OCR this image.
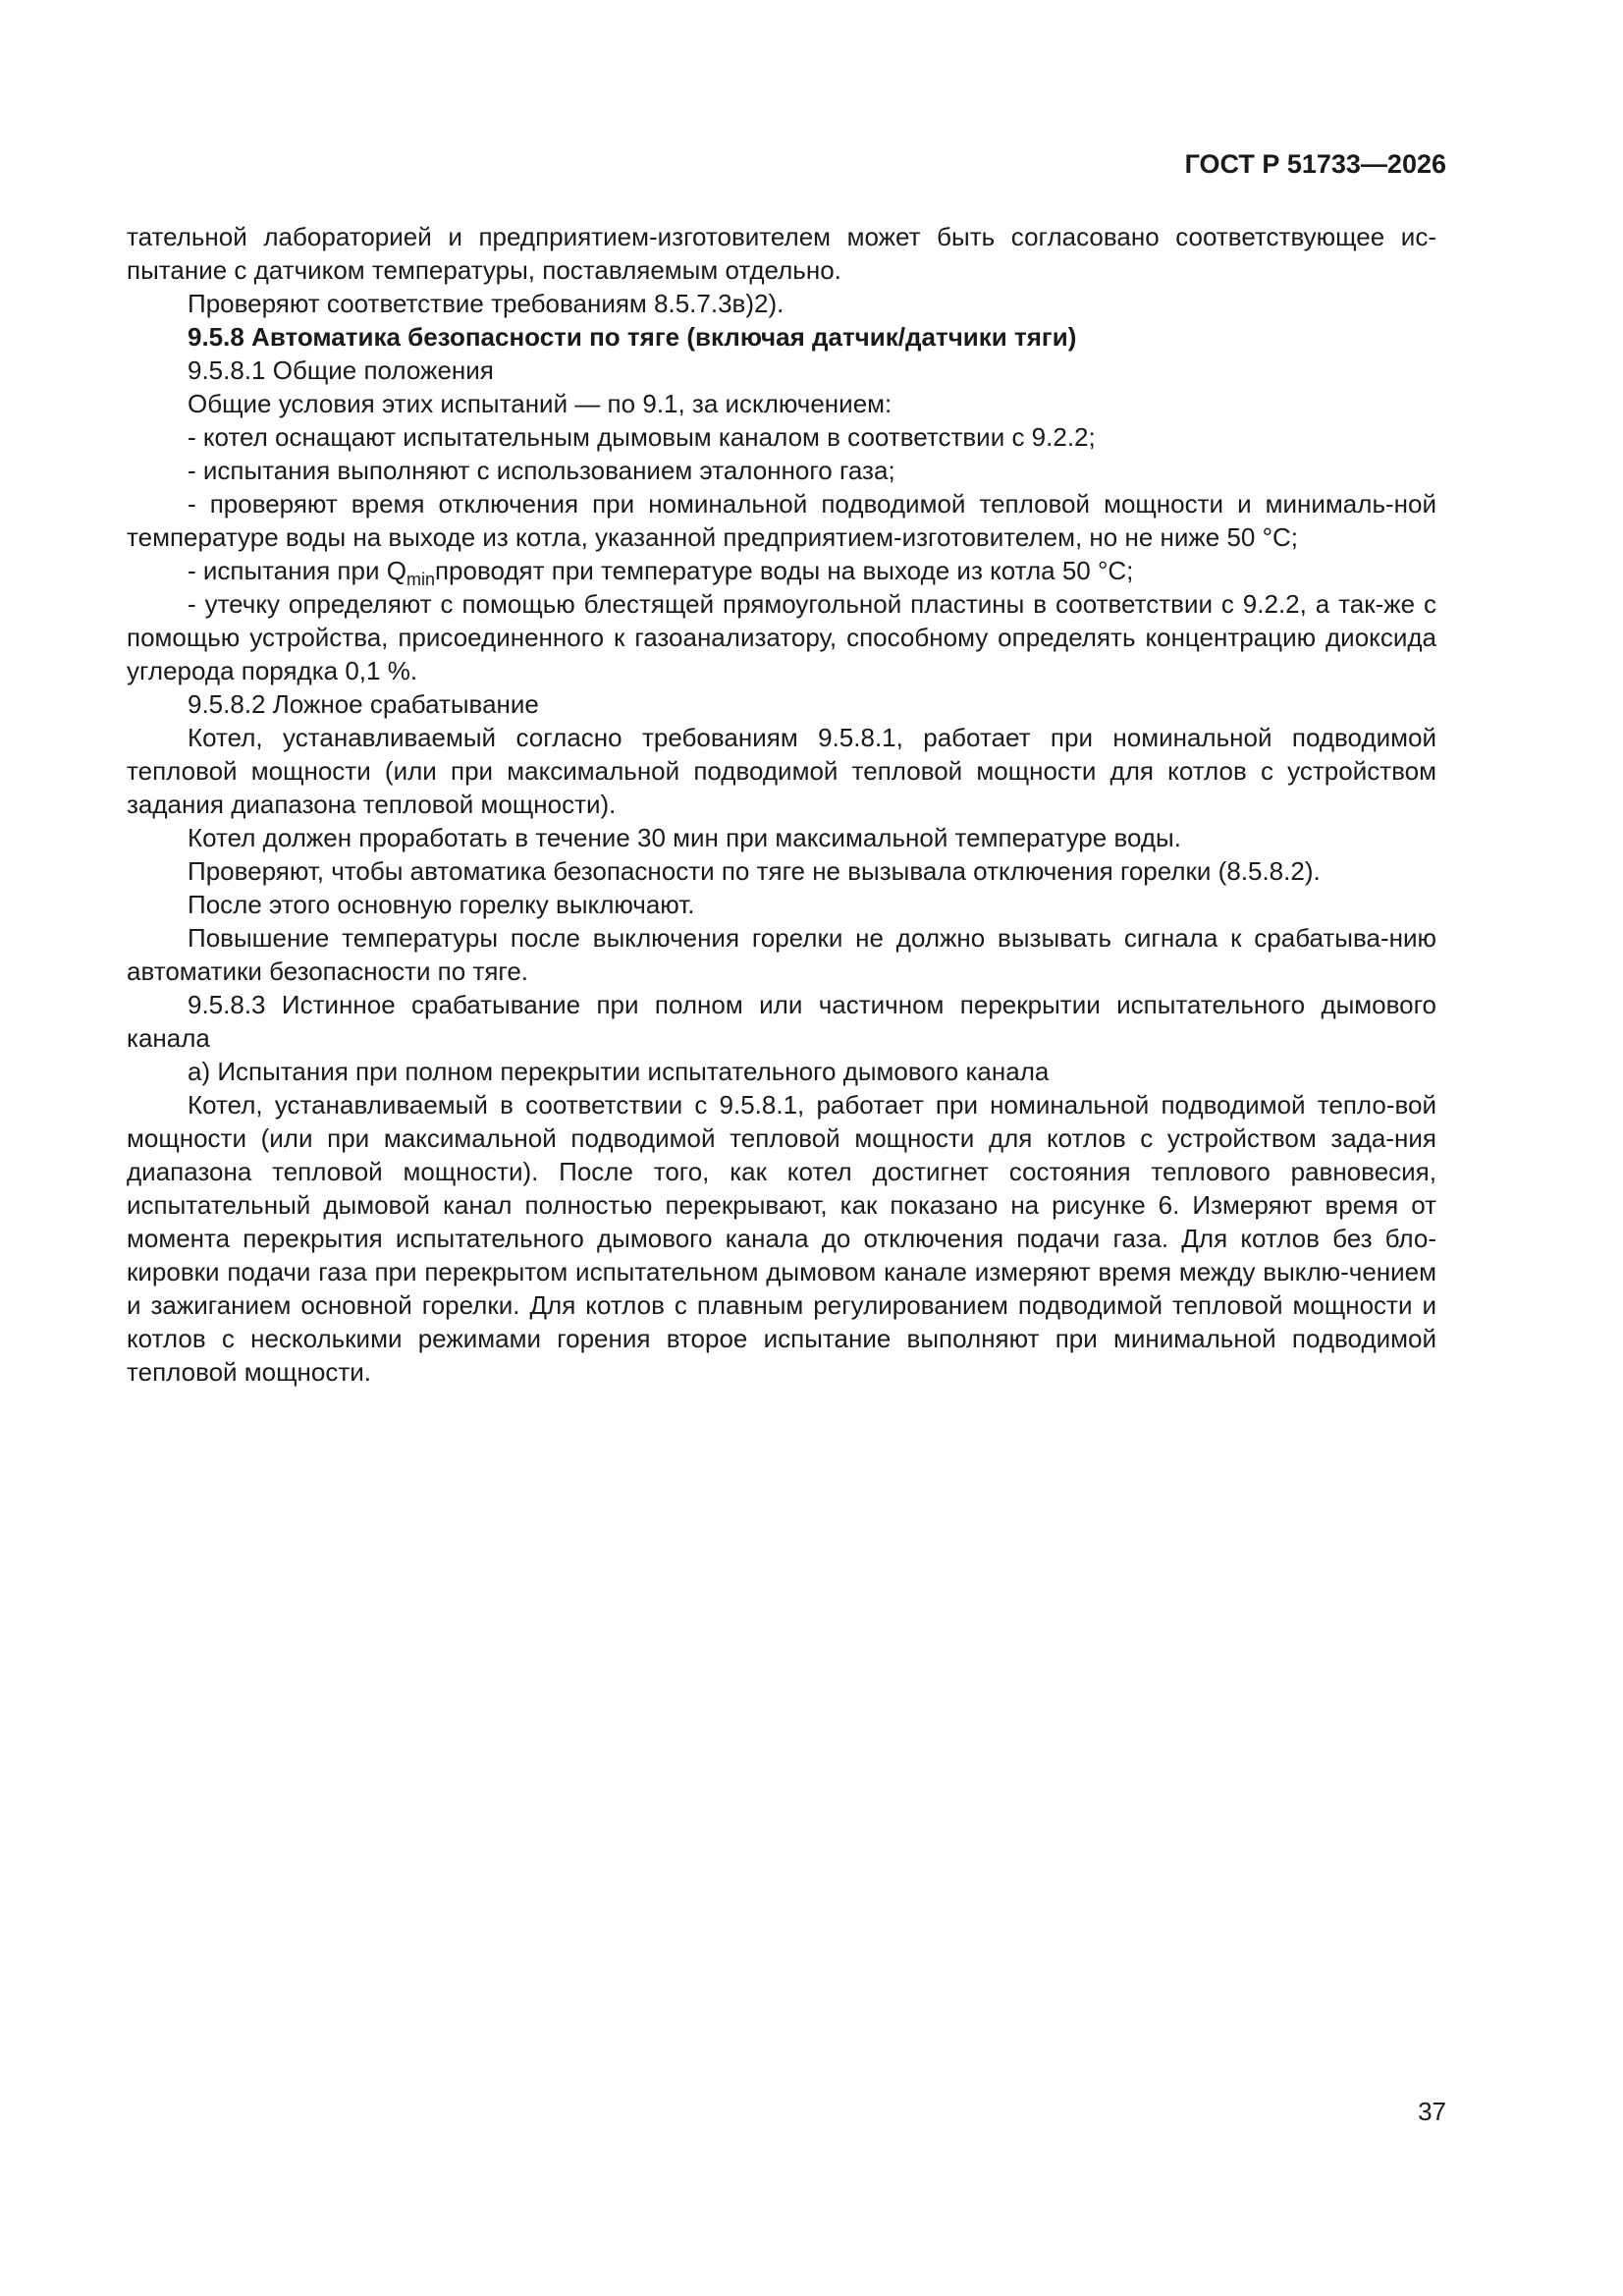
ГОСТ Р 51733—2026

тательной лабораторией и предприятием-изготовителем может быть согласовано соответствующее ис-пытание с датчиком температуры, поставляемым отдельно.

Проверяют соответствие требованиям 8.5.7.3в)2).

9.5.8 Автоматика безопасности по тяге (включая датчик/датчики тяги)

9.5.8.1 Общие положения

Общие условия этих испытаний — по 9.1, за исключением:

- котел оснащают испытательным дымовым каналом в соответствии с 9.2.2;

- испытания выполняют с использованием эталонного газа;

- проверяют время отключения при номинальной подводимой тепловой мощности и минималь-ной температуре воды на выходе из котла, указанной предприятием-изготовителем, но не ниже 50 °С;

- испытания при $Q_{min}проводят$ при температуре воды на выходе из котла 50 °С;

- утечку определяют с помощью блестящей прямоугольной пластины в соответствии с 9.2.2, а так-же с помощью устройства, присоединенного к газоанализатору, способному определять концентрацию диоксида углерода порядка 0,1 %.

9.5.8.2 Ложное срабатывание

Котел, устанавливаемый согласно требованиям 9.5.8.1, работает при номинальной подводимой тепловой мощности (или при максимальной подводимой тепловой мощности для котлов с устройством задания диапазона тепловой мощности).

Котел должен проработать в течение 30 мин при максимальной температуре воды.

Проверяют, чтобы автоматика безопасности по тяге не вызывала отключения горелки (8.5.8.2).

После этого основную горелку выключают.

Повышение температуры после выключения горелки не должно вызывать сигнала к срабатыва-нию автоматики безопасности по тяге.

9.5.8.3 Истинное срабатывание при полном или частичном перекрытии испытательного дымового канала

а) Испытания при полном перекрытии испытательного дымового канала

Котел, устанавливаемый в соответствии с 9.5.8.1, работает при номинальной подводимой тепло-вой мощности (или при максимальной подводимой тепловой мощности для котлов с устройством зада-ния диапазона тепловой мощности). После того, как котел достигнет состояния теплового равновесия, испытательный дымовой канал полностью перекрывают, как показано на рисунке 6. Измеряют время от момента перекрытия испытательного дымового канала до отключения подачи газа. Для котлов без бло-кировки подачи газа при перекрытом испытательном дымовом канале измеряют время между выклю-чением и зажиганием основной горелки. Для котлов с плавным регулированием подводимой тепловой мощности и котлов с несколькими режимами горения второе испытание выполняют при минимальной подводимой тепловой мощности.

37
